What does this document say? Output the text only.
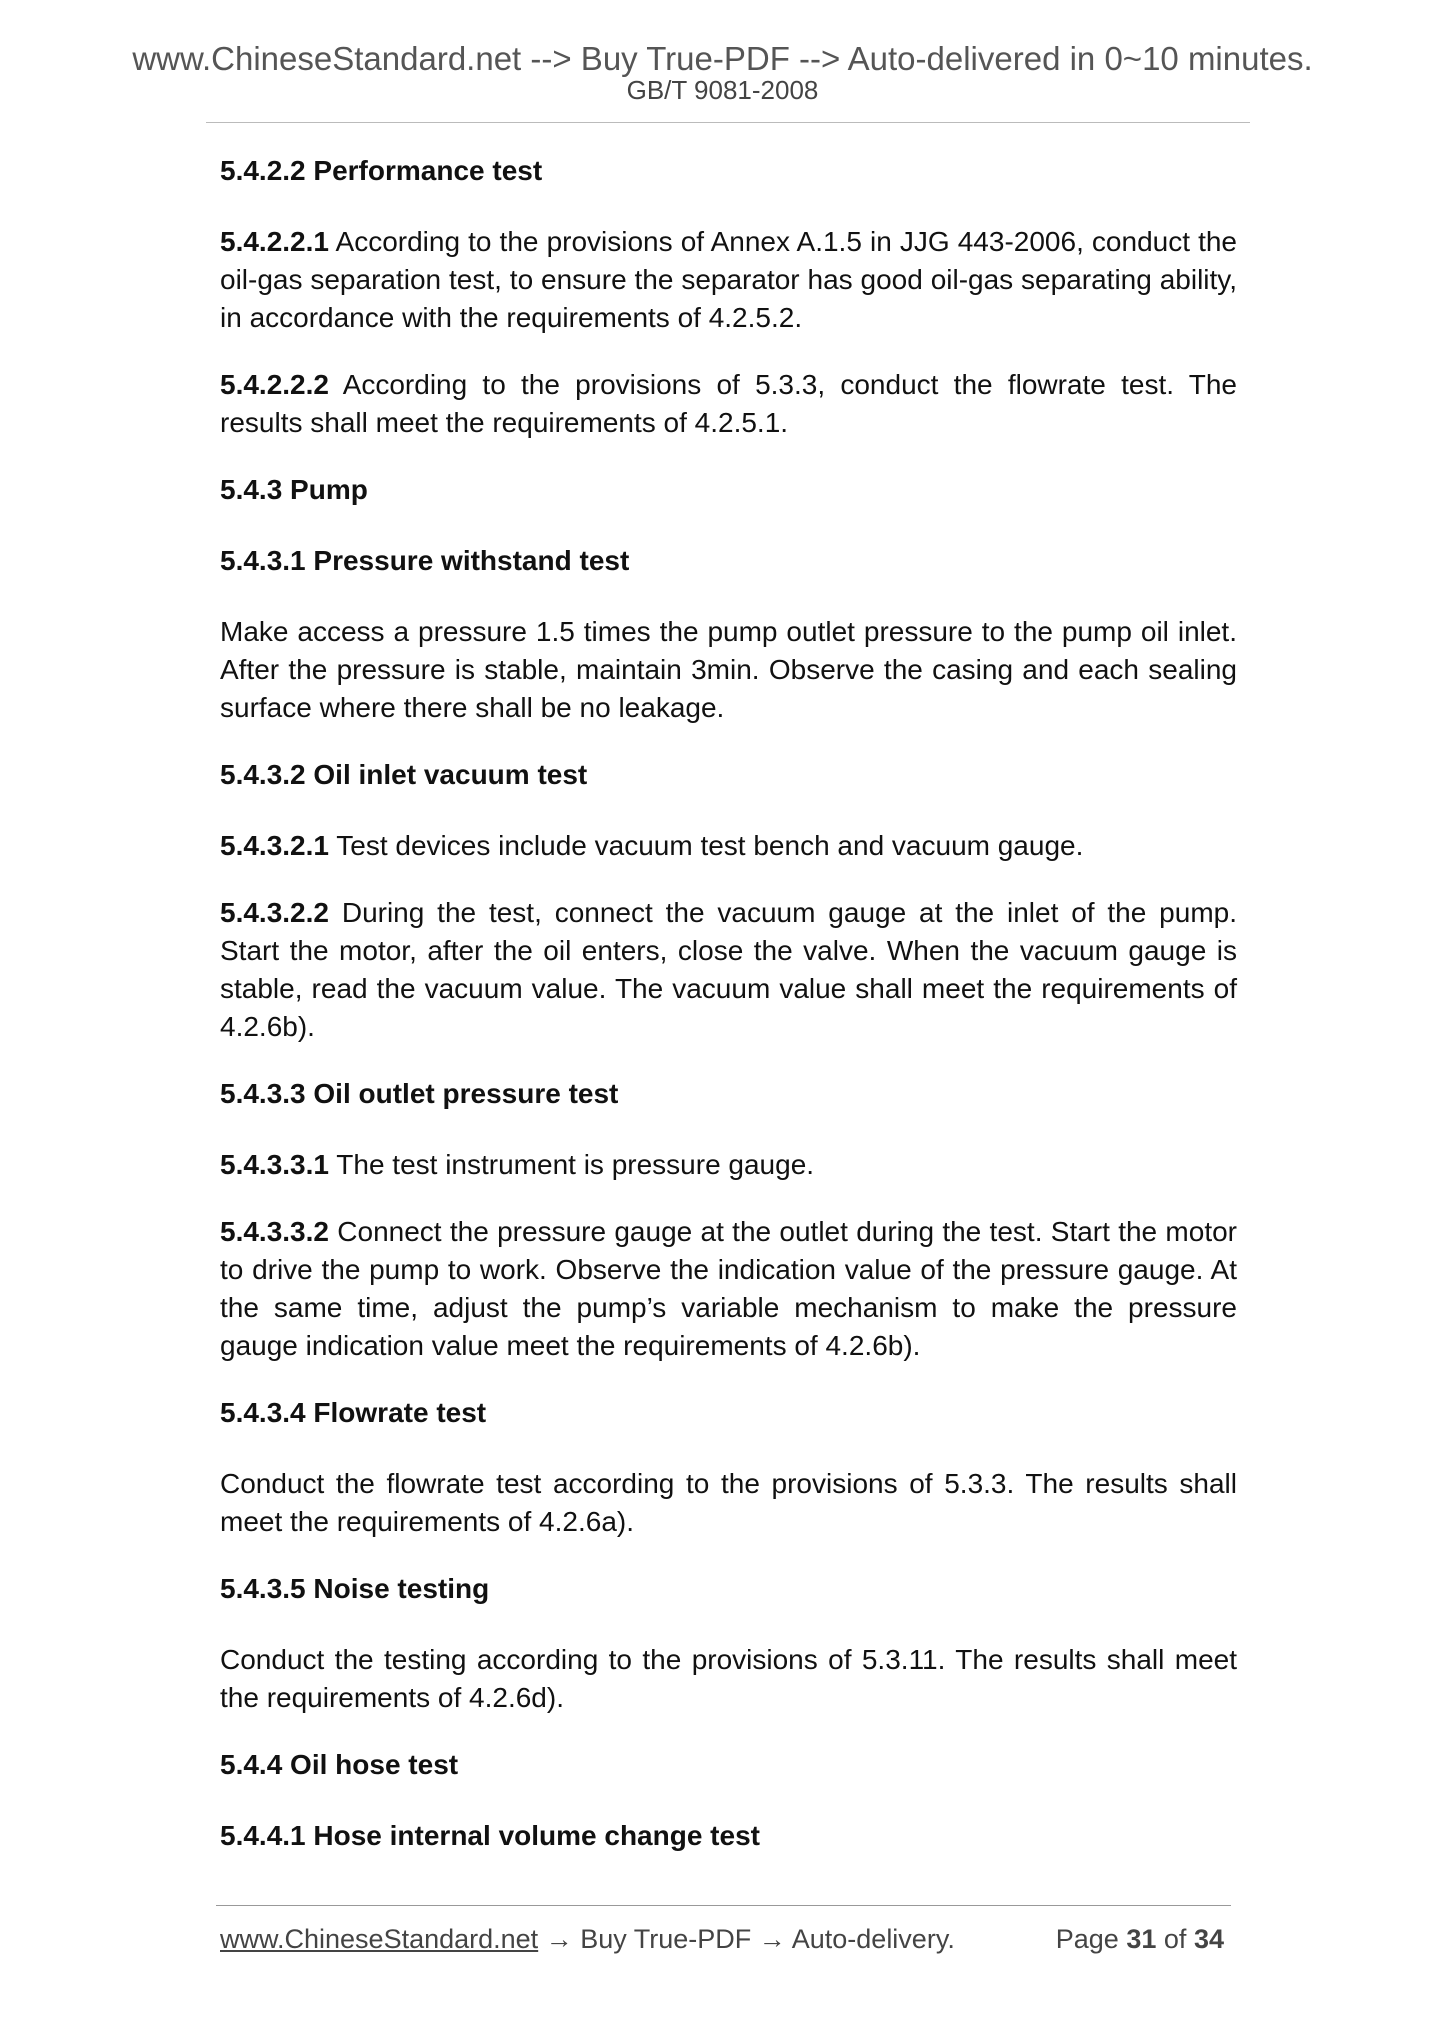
www.ChineseStandard.net --> Buy True-PDF --> Auto-delivered in 0~10 minutes.
GB/T 9081-2008

5.4.2.2 Performance test

5.4.2.2.1 According to the provisions of Annex A.1.5 in JJG 443-2006, conduct the oil-gas separation test, to ensure the separator has good oil-gas separating ability, in accordance with the requirements of 4.2.5.2.

5.4.2.2.2 According to the provisions of 5.3.3, conduct the flowrate test. The results shall meet the requirements of 4.2.5.1.

5.4.3 Pump

5.4.3.1 Pressure withstand test

Make access a pressure 1.5 times the pump outlet pressure to the pump oil inlet. After the pressure is stable, maintain 3min. Observe the casing and each sealing surface where there shall be no leakage.

5.4.3.2 Oil inlet vacuum test

5.4.3.2.1 Test devices include vacuum test bench and vacuum gauge.

5.4.3.2.2 During the test, connect the vacuum gauge at the inlet of the pump. Start the motor, after the oil enters, close the valve. When the vacuum gauge is stable, read the vacuum value. The vacuum value shall meet the requirements of 4.2.6b).

5.4.3.3 Oil outlet pressure test

5.4.3.3.1 The test instrument is pressure gauge.

5.4.3.3.2 Connect the pressure gauge at the outlet during the test. Start the motor to drive the pump to work. Observe the indication value of the pressure gauge. At the same time, adjust the pump’s variable mechanism to make the pressure gauge indication value meet the requirements of 4.2.6b).

5.4.3.4 Flowrate test

Conduct the flowrate test according to the provisions of 5.3.3. The results shall meet the requirements of 4.2.6a).

5.4.3.5 Noise testing

Conduct the testing according to the provisions of 5.3.11. The results shall meet the requirements of 4.2.6d).

5.4.4 Oil hose test

5.4.4.1 Hose internal volume change test

www.ChineseStandard.net → Buy True-PDF → Auto-delivery.	Page 31 of 34
